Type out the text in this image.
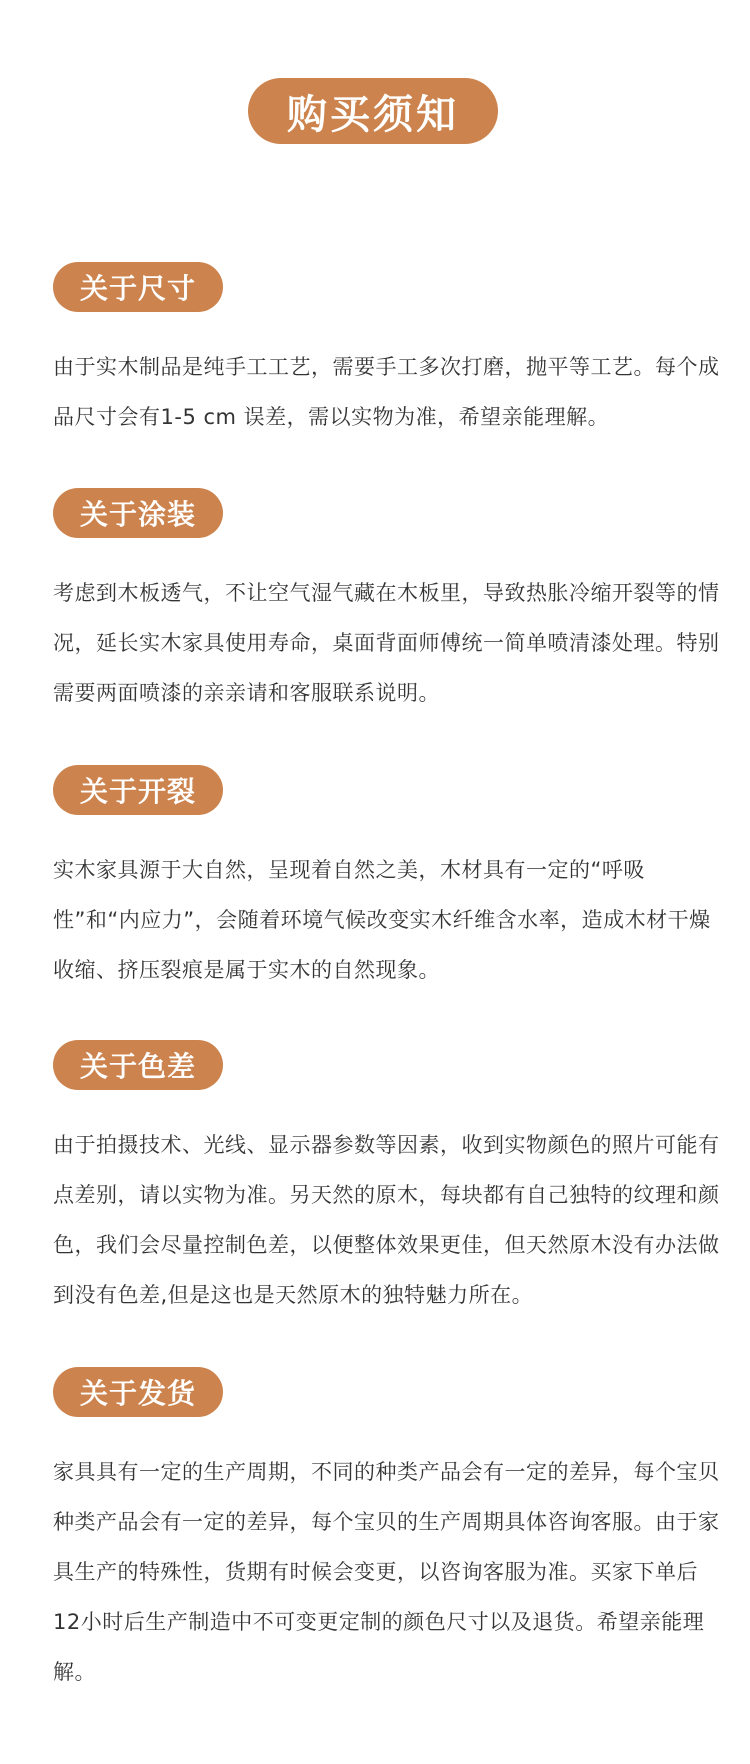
购买须知
关于尺寸

由于实木制品是纯手工工艺，需要手工多次打磨，抛平等工艺。每个成品尺寸会有1-5 cm 误差，需以实物为准，希望亲能理解。

关于涂装

考虑到木板透气，不让空气湿气藏在木板里，导致热胀冷缩开裂等的情况，延长实木家具使用寿命，桌面背面师傅统一简单喷清漆处理。特别需要两面喷漆的亲亲请和客服联系说明。

关于开裂

实木家具源于大自然，呈现着自然之美，木材具有一定的“呼吸性”和“内应力”，会随着环境气候改变实木纤维含水率，造成木材干燥收缩、挤压裂痕是属于实木的自然现象。

关于色差

由于拍摄技术、光线、显示器参数等因素，收到实物颜色的照片可能有点差别，请以实物为准。另天然的原木，每块都有自己独特的纹理和颜色，我们会尽量控制色差，以便整体效果更佳，但天然原木没有办法做到没有色差,但是这也是天然原木的独特魅力所在。

关于发货

家具具有一定的生产周期，不同的种类产品会有一定的差异，每个宝贝种类产品会有一定的差异，每个宝贝的生产周期具体咨询客服。由于家具生产的特殊性，货期有时候会变更，以咨询客服为准。买家下单后12小时后生产制造中不可变更定制的颜色尺寸以及退货。希望亲能理解。
